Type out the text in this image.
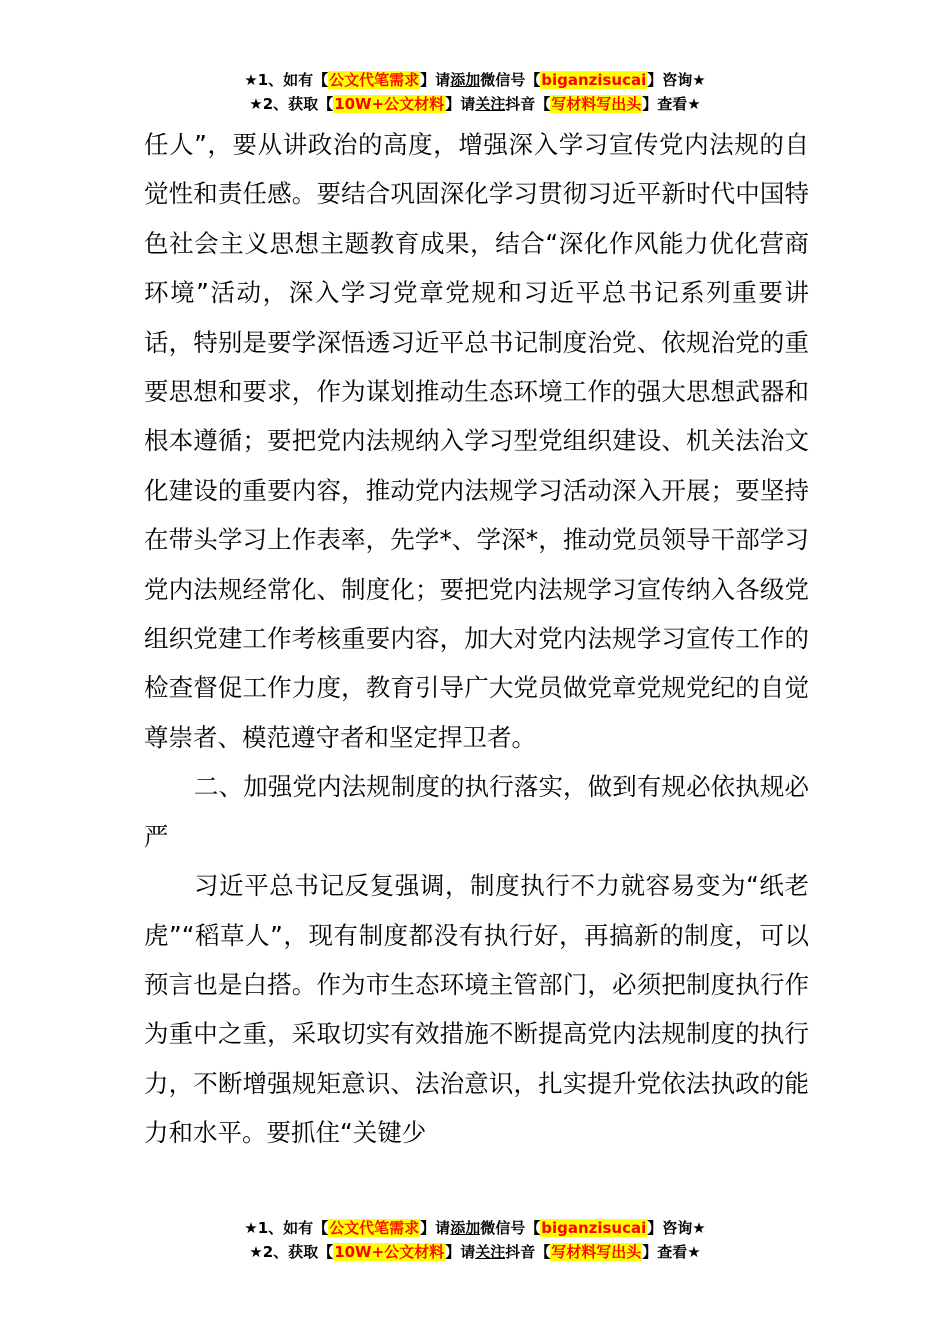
★1、如有【公文代笔需求】请添加微信号【biganzisucai】咨询★
★2、获取【10W+公文材料】请关注抖音【写材料写出头】查看★

任人”，要从讲政治的高度，增强深入学习宣传党内法规的自觉性和责任感。要结合巩固深化学习贯彻习近平新时代中国特色社会主义思想主题教育成果，结合“深化作风能力优化营商环境”活动，深入学习党章党规和习近平总书记系列重要讲话，特别是要学深悟透习近平总书记制度治党、依规治党的重要思想和要求，作为谋划推动生态环境工作的强大思想武器和根本遵循；要把党内法规纳入学习型党组织建设、机关法治文化建设的重要内容，推动党内法规学习活动深入开展；要坚持在带头学习上作表率，先学*、学深*，推动党员领导干部学习党内法规经常化、制度化；要把党内法规学习宣传纳入各级党组织党建工作考核重要内容，加大对党内法规学习宣传工作的检查督促工作力度，教育引导广大党员做党章党规党纪的自觉尊崇者、模范遵守者和坚定捍卫者。

二、加强党内法规制度的执行落实，做到有规必依执规必严

习近平总书记反复强调，制度执行不力就容易变为“纸老虎”“稻草人”，现有制度都没有执行好，再搞新的制度，可以预言也是白搭。作为市生态环境主管部门，必须把制度执行作为重中之重，采取切实有效措施不断提高党内法规制度的执行力，不断增强规矩意识、法治意识，扎实提升党依法执政的能力和水平。要抓住“关键少

★1、如有【公文代笔需求】请添加微信号【biganzisucai】咨询★
★2、获取【10W+公文材料】请关注抖音【写材料写出头】查看★
